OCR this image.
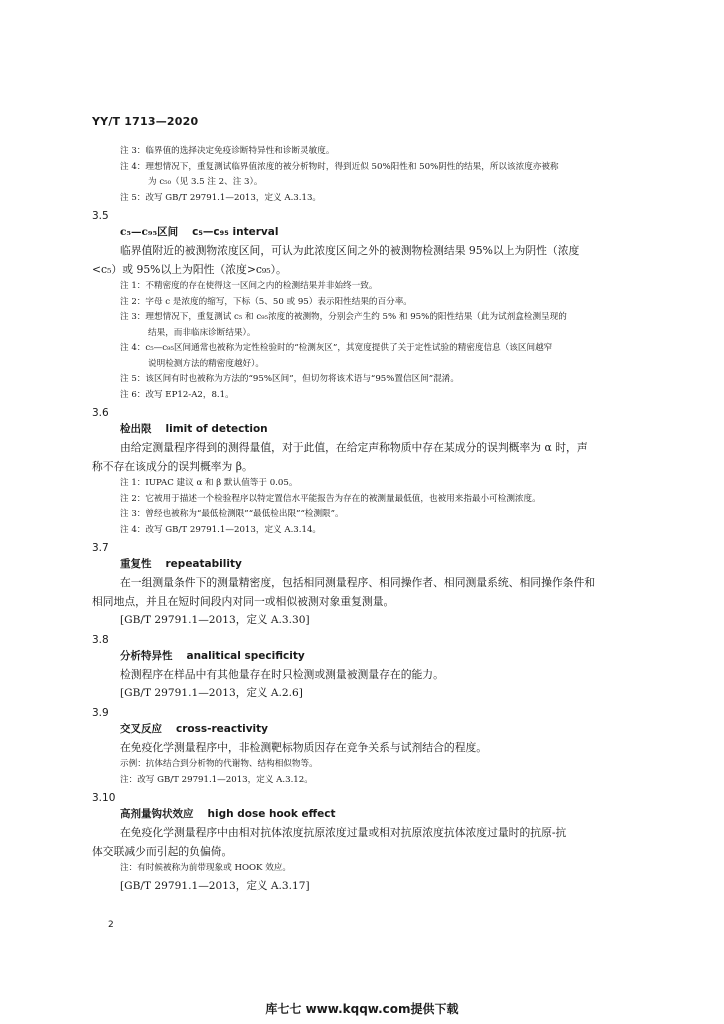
YY/T 1713—2020

注 3：临界值的选择决定免疫诊断特异性和诊断灵敏度。

注 4：理想情况下，重复测试临界值浓度的被分析物时，得到近似 50%阳性和 50%阴性的结果，所以该浓度亦被称

为 c₅₀（见 3.5 注 2、注 3）。

注 5：改写 GB/T 29791.1—2013，定义 A.3.13。

3.5
c₅—c₉₅区间 c₅—c₉₅ interval

临界值附近的被测物浓度区间，可认为此浓度区间之外的被测物检测结果 95%以上为阴性（浓度

<c₅）或 95%以上为阳性（浓度>c₉₅）。

注 1：不精密度的存在使得这一区间之内的检测结果并非始终一致。

注 2：字母 c 是浓度的缩写，下标（5、50 或 95）表示阳性结果的百分率。

注 3：理想情况下，重复测试 c₅ 和 c₉₅浓度的被测物，分别会产生约 5% 和 95%的阳性结果（此为试剂盒检测呈现的

结果，而非临床诊断结果）。

注 4：c₅—c₉₅区间通常也被称为定性检验时的“检测灰区”，其宽度提供了关于定性试验的精密度信息（该区间越窄

说明检测方法的精密度越好）。

注 5：该区间有时也被称为方法的“95%区间”，但切勿将该术语与“95%置信区间”混淆。

注 6：改写 EP12-A2，8.1。

3.6
检出限 limit of detection

由给定测量程序得到的测得量值，对于此值，在给定声称物质中存在某成分的误判概率为 α 时，声

称不存在该成分的误判概率为 β。

注 1：IUPAC 建议 α 和 β 默认值等于 0.05。

注 2：它被用于描述一个检验程序以特定置信水平能报告为存在的被测量最低值，也被用来指最小可检测浓度。

注 3：曾经也被称为“最低检测限”“最低检出限”“检测限”。

注 4：改写 GB/T 29791.1—2013，定义 A.3.14。

3.7
重复性 repeatability

在一组测量条件下的测量精密度，包括相同测量程序、相同操作者、相同测量系统、相同操作条件和

相同地点，并且在短时间段内对同一或相似被测对象重复测量。

[GB/T 29791.1—2013，定义 A.3.30]

3.8
分析特异性 analitical specificity

检测程序在样品中有其他量存在时只检测或测量被测量存在的能力。

[GB/T 29791.1—2013，定义 A.2.6]

3.9
交叉反应 cross-reactivity

在免疫化学测量程序中，非检测靶标物质因存在竞争关系与试剂结合的程度。

示例：抗体结合到分析物的代谢物、结构相似物等。

注：改写 GB/T 29791.1—2013，定义 A.3.12。

3.10
高剂量钩状效应 high dose hook effect

在免疫化学测量程序中由相对抗体浓度抗原浓度过量或相对抗原浓度抗体浓度过量时的抗原-抗

体交联减少而引起的负偏倚。

注：有时候被称为前带现象或 HOOK 效应。

[GB/T 29791.1—2013，定义 A.3.17]

2
库七七 www.kqqw.com提供下载
